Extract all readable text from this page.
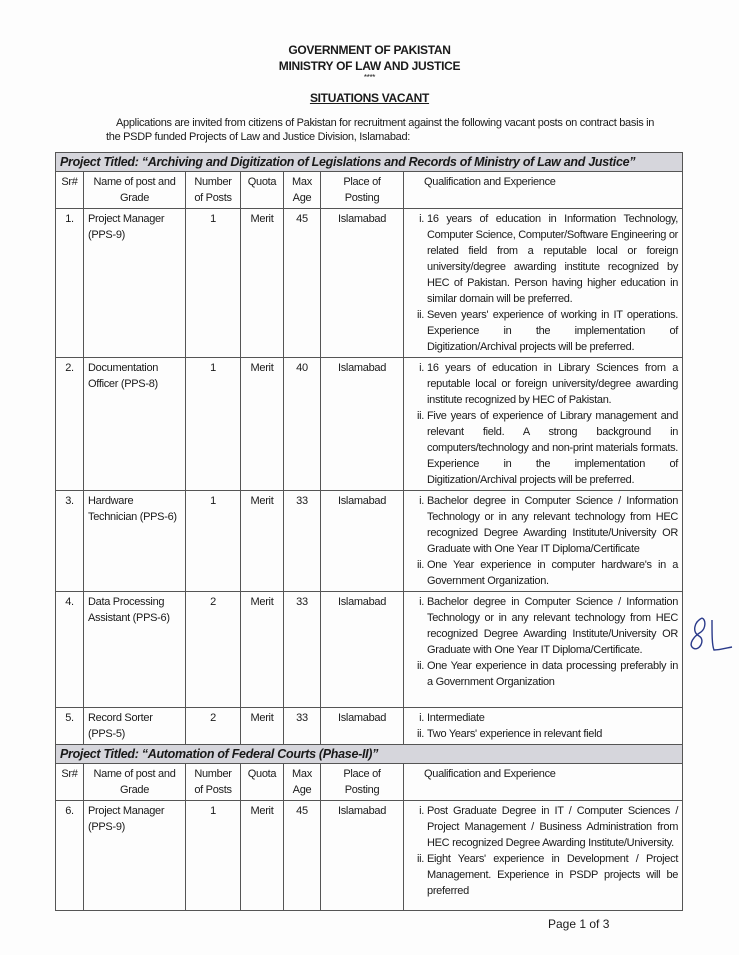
GOVERNMENT OF PAKISTAN
MINISTRY OF LAW AND JUSTICE
****
SITUATIONS VACANT
Applications are invited from citizens of Pakistan for recruitment against the following vacant posts on contract basis in the PSDP funded Projects of Law and Justice Division, Islamabad:
Project Titled: “Archiving and Digitization of Legislations and Records of Ministry of Law and Justice”						
Sr#	Name of post and Grade	Number of Posts	Quota	Max Age	Place of Posting	Qualification and Experience
1.	Project Manager (PPS-9)	1	Merit	45	Islamabad	i. 16 years of education in Information Technology, Computer Science, Computer/Software Engineering or related field from a reputable local or foreign university/degree awarding institute recognized by HEC of Pakistan. Person having higher education in similar domain will be preferred.
ii. Seven years' experience of working in IT operations. Experience in the implementation of Digitization/Archival projects will be preferred.

2.	Documentation Officer (PPS-8)	1	Merit	40	Islamabad	i. 16 years of education in Library Sciences from a reputable local or foreign university/degree awarding institute recognized by HEC of Pakistan.
ii. Five years of experience of Library management and relevant field. A strong background in computers/technology and non-print materials formats. Experience in the implementation of Digitization/Archival projects will be preferred.

3.	Hardware Technician (PPS-6)	1	Merit	33	Islamabad	i. Bachelor degree in Computer Science / Information Technology or in any relevant technology from HEC recognized Degree Awarding Institute/University OR Graduate with One Year IT Diploma/Certificate
ii. One Year experience in computer hardware's in a Government Organization.

4.	Data Processing Assistant (PPS-6)	2	Merit	33	Islamabad	i. Bachelor degree in Computer Science / Information Technology or in any relevant technology from HEC recognized Degree Awarding Institute/University OR Graduate with One Year IT Diploma/Certificate.
ii. One Year experience in data processing preferably in a Government Organization

5.	Record Sorter (PPS-5)	2	Merit	33	Islamabad	i. Intermediate
ii. Two Years' experience in relevant field
Project Titled: “Automation of Federal Courts (Phase-II)”						
Sr#	Name of post and Grade	Number of Posts	Quota	Max Age	Place of Posting	Qualification and Experience
6.	Project Manager (PPS-9)	1	Merit	45	Islamabad	i. Post Graduate Degree in IT / Computer Sciences / Project Management / Business Administration from HEC recognized Degree Awarding Institute/University.
ii. Eight Years' experience in Development / Project Management. Experience in PSDP projects will be preferred
Page 1 of 3
